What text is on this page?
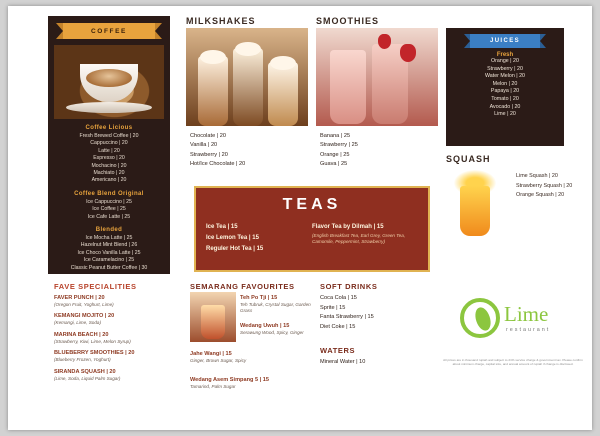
COFFEE
Coffee Licious
Fresh Brewed Coffee | 20
Cappuccino | 20
Latte | 20
Espresso | 20
Mochacino | 20
Machiato | 20
Americano | 20
Coffee Blend Original
Ice Cappuccino | 25
Ice Coffee | 25
Ice Cafe Latte | 25
Blended
Ice Mocha Latte | 25
Hazelnut Mint Blend | 26
Ice Choco Vanilla Latte | 25
Ice Caramelacino | 25
Classic Peanut Butter Coffee | 30
MILKSHAKES
Chocolate | 20
Vanilla | 20
Strawberry | 20
Hot/Ice Chocolate | 20
SMOOTHIES
Banana | 25
Strawberry | 25
Orange | 25
Guava | 25
JUICES
Fresh
Orange | 20
Strawberry | 20
Water Melon | 20
Melon | 20
Papaya | 20
Tomato | 20
Avocado | 20
Lime | 20
SQUASH
Lime Squash | 20
Strawberry Squash | 20
Orange Squash | 20
TEAS
Ice Tea | 15
Ice Lemon Tea | 15
Reguler Hot Tea | 15
Flavor Tea by Dilmah | 15
(English Breakfast Tea, Earl Grey, Green Tea, Camomile, Peppermint, Strawberry)
FAVE SPECIALITIES
FAVER PUNCH | 20
(Oregon Fruit, Yoghurt, Lime)
KEMANGI MOJITO | 20
(Kemangi, Lime, Soda)
MARINA BEACH | 20
(Strawberry, Kiwi, Lime, Melon Syrup)
BLUEBERRY SMOOTHIES | 20
(Blueberry Frozen, Yoghurt)
SIRANDA SQUASH | 20
(Lime, Soda, Liquid Palm Sugar)
SEMARANG FAVOURITES
Teh Po Tji | 15
Teh Tubruk, Crystal Sugar, Garden Grass
Wedang Uwuh | 15
Serawung Wood, Spicy, Ginger
Jahe Wangi | 15
Ginger, Brown Sugar, Spicy
Wedang Asem Simpang 5 | 15
Tamarind, Palm Sugar
SOFT DRINKS
Coca Cola | 15
Sprite | 15
Fanta Strawberry | 15
Diet Coke | 15
WATERS
Mineral Water | 10
Lime
restaurant
All prices are in thousand rupiah and subject to 21% service charge & government tax. Please confirm about minimum charge, capital size, and annual amount of rupiah if change is disclosed.
